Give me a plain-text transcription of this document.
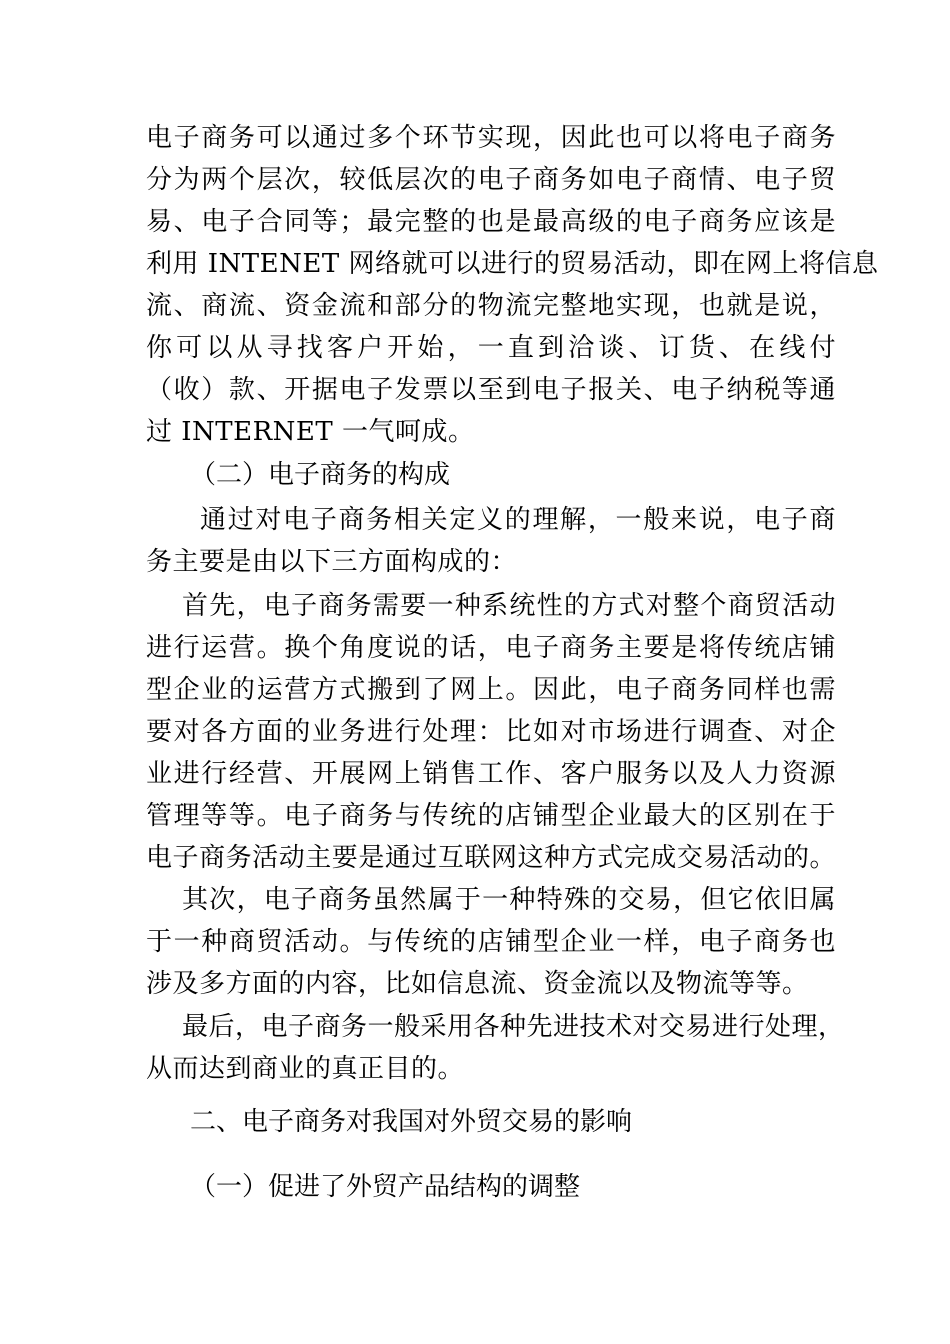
电子商务可以通过多个环节实现，因此也可以将电子商务
分为两个层次，较低层次的电子商务如电子商情、电子贸
易、电子合同等；最完整的也是最高级的电子商务应该是
利用 INTENET 网络就可以进行的贸易活动，即在网上将信息
流、商流、资金流和部分的物流完整地实现，也就是说，
你可以从寻找客户开始，一直到洽谈、订货、在线付
（收）款、开据电子发票以至到电子报关、电子纳税等通
过 INTERNET 一气呵成。
（二）电子商务的构成
通过对电子商务相关定义的理解，一般来说，电子商
务主要是由以下三方面构成的：
首先，电子商务需要一种系统性的方式对整个商贸活动
进行运营。换个角度说的话，电子商务主要是将传统店铺
型企业的运营方式搬到了网上。因此，电子商务同样也需
要对各方面的业务进行处理：比如对市场进行调查、对企
业进行经营、开展网上销售工作、客户服务以及人力资源
管理等等。电子商务与传统的店铺型企业最大的区别在于
电子商务活动主要是通过互联网这种方式完成交易活动的。
其次，电子商务虽然属于一种特殊的交易，但它依旧属
于一种商贸活动。与传统的店铺型企业一样，电子商务也
涉及多方面的内容，比如信息流、资金流以及物流等等。
最后，电子商务一般采用各种先进技术对交易进行处理，
从而达到商业的真正目的。
二、电子商务对我国对外贸交易的影响
（一）促进了外贸产品结构的调整
